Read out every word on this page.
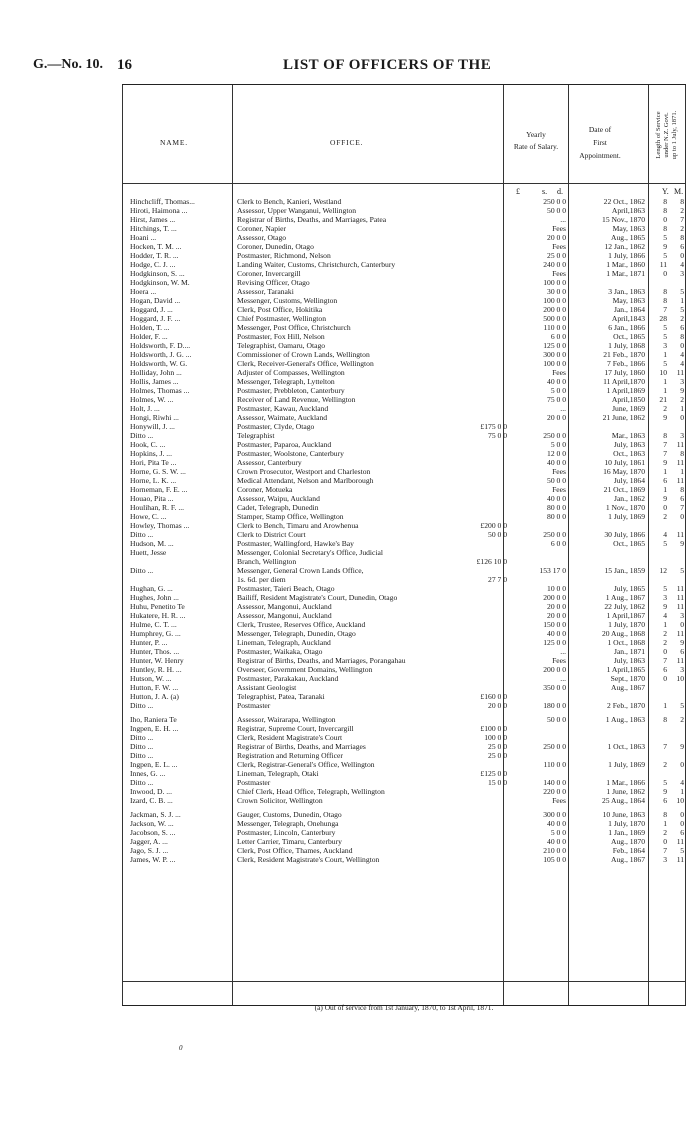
G.—No. 10. 16	LIST OF OFFICERS OF THE
NAME.	OFFICE.
Yearly
Rate of Salary.
Date of
First
Appointment.	Length of Service under N.Z. Govt. up to 1 July, 1871.
£	s. d.	Y. M.
Hinchcliff, Thomas...	Clerk to Bench, Kanieri, Westland	250 0 0	22 Oct., 1862	8	8
Hiroti, Haimona ...	Assessor, Upper Wanganui, Wellington	50 0 0	April,1863	8	2
Hirst, James ...	Registrar of Births, Deaths, and Marriages, Patea	...	15 Nov., 1870	0	7
Hitchings, T. ...	Coroner, Napier	Fees	May, 1863	8	2
Hoani ...	Assessor, Otago	20 0 0	Aug., 1865	5	8
Hocken, T. M. ...	Coroner, Dunedin, Otago	Fees	12 Jan., 1862	9	6
Hodder, T. R. ...	Postmaster, Richmond, Nelson	25 0 0	1 July, 1866	5	0
Hodge, C. J. ...	Landing Waiter, Customs, Christchurch, Canterbury	240 0 0	1 Mar., 1860	11	4
Hodgkinson, S. ...	Coroner, Invercargill	Fees	1 Mar., 1871	0	3
Hodgkinson, W. M.	Revising Officer, Otago	100 0 0
Hoera ...	Assessor, Taranaki	30 0 0	3 Jan., 1863	8	5
Hogan, David ...	Messenger, Customs, Wellington	100 0 0	May, 1863	8	1
Hoggard, J. ...	Clerk, Post Office, Hokitika	200 0 0	Jan., 1864	7	5
Hoggard, J. F. ...	Chief Postmaster, Wellington	500 0 0	April,1843	28	2
Holden, T. ...	Messenger, Post Office, Christchurch	110 0 0	6 Jan., 1866	5	6
Holder, F. ...	Postmaster, Fox Hill, Nelson	6 0 0	Oct., 1865	5	8
Holdsworth, F. D....	Telegraphist, Oamaru, Otago	125 0 0	1 July, 1868	3	0
Holdsworth, J. G. ...	Commissioner of Crown Lands, Wellington	300 0 0	21 Feb., 1870	1	4
Holdsworth, W. G.	Clerk, Receiver-General's Office, Wellington	100 0 0	7 Feb., 1866	5	4
Holliday, John ...	Adjuster of Compasses, Wellington	Fees	17 July, 1860	10	11
Hollis, James ...	Messenger, Telegraph, Lyttelton	40 0 0	11 April,1870	1	3
Holmes, Thomas ...	Postmaster, Prebbleton, Canterbury	5 0 0	1 April,1869	1	9
Holmes, W. ...	Receiver of Land Revenue, Wellington	75 0 0	April,1850	21	2
Holt, J. ...	Postmaster, Kawau, Auckland	...	June, 1869	2	1
Hongi, Riwhi ...	Assessor, Waimate, Auckland	20 0 0	21 June, 1862	9	0
Honywill, J. ...	Postmaster, Clyde, Otago	£175 0 0
Ditto ...	Telegraphist	75 0 0	250 0 0	Mar., 1863	8	3
Hook, C. ...	Postmaster, Paparoa, Auckland	5 0 0	July, 1863	7	11
Hopkins, J. ...	Postmaster, Woolstone, Canterbury	12 0 0	Oct., 1863	7	8
Hori, Pita Te ...	Assessor, Canterbury	40 0 0	10 July, 1861	9	11
Horne, G. S. W. ...	Crown Prosecutor, Westport and Charleston	Fees	16 May, 1870	1	1
Horne, L. K. ...	Medical Attendant, Nelson and Marlborough	50 0 0	July, 1864	6	11
Horneman, F. E. ...	Coroner, Motueka	Fees	21 Oct., 1869	1	8
Houao, Pita ...	Assessor, Waipu, Auckland	40 0 0	Jan., 1862	9	6
Houlihan, R. F. ...	Cadet, Telegraph, Dunedin	80 0 0	1 Nov., 1870	0	7
Howe, C. ...	Stamper, Stamp Office, Wellington	80 0 0	1 July, 1869	2	0
Howley, Thomas ...	Clerk to Bench, Timaru and Arowhenua	£200 0 0
Ditto ...	Clerk to District Court	50 0 0	250 0 0	30 July, 1866	4	11
Hudson, M. ...	Postmaster, Wallingford, Hawke's Bay	6 0 0	Oct., 1865	5	9
Huett, Jesse	Messenger, Colonial Secretary's Office, Judicial
Branch, Wellington	£126 10 0
Ditto ...	Messenger, General Crown Lands Office,	153 17 0	15 Jan., 1859	12	5
1s. 6d. per diem	27 7 0
Hughan, G. ...	Postmaster, Taieri Beach, Otago	10 0 0	July, 1865	5	11
Hughes, John ...	Bailiff, Resident Magistrate's Court, Dunedin, Otago	200 0 0	1 Aug., 1867	3	11
Huhu, Penetito Te	Assessor, Mangonui, Auckland	20 0 0	22 July, 1862	9	11
Hukatere, H. R. ...	Assessor, Mangonui, Auckland	20 0 0	1 April,1867	4	3
Hulme, C. T. ...	Clerk, Trustee, Reserves Office, Auckland	150 0 0	1 July, 1870	1	0
Humphrey, G. ...	Messenger, Telegraph, Dunedin, Otago	40 0 0	20 Aug., 1868	2	11
Hunter, P. ...	Lineman, Telegraph, Auckland	125 0 0	1 Oct., 1868	2	9
Hunter, Thos. ...	Postmaster, Waikaka, Otago	...	Jan., 1871	0	6
Hunter, W. Henry	Registrar of Births, Deaths, and Marriages, Porangahau	Fees	July, 1863	7	11
Huntley, R. H. ...	Overseer, Government Domains, Wellington	200 0 0	1 April,1865	6	3
Hutson, W. ...	Postmaster, Parakakau, Auckland	...	Sept., 1870	0	10
Hutton, F. W. ...	Assistant Geologist	350 0 0	Aug., 1867
Hutton, J. A. (a)	Telegraphist, Patea, Taranaki	£160 0 0
Ditto ...	Postmaster	20 0 0	180 0 0	2 Feb., 1870	1	5
Iho, Raniera Te	Assessor, Wairarapa, Wellington	50 0 0	1 Aug., 1863	8	2
Ingpen, E. H. ...	Registrar, Supreme Court, Invercargill	£100 0 0
Ditto ...	Clerk, Resident Magistrate's Court	100 0 0
Ditto ...	Registrar of Births, Deaths, and Marriages	25 0 0	250 0 0	1 Oct., 1863	7	9
Ditto ...	Registration and Returning Officer	25 0 0
Ingpen, E. L. ...	Clerk, Registrar-General's Office, Wellington	110 0 0	1 July, 1869	2	0
Innes, G. ...	Lineman, Telegraph, Otaki	£125 0 0
Ditto ...	Postmaster	15 0 0	140 0 0	1 Mar., 1866	5	4
Inwood, D. ...	Chief Clerk, Head Office, Telegraph, Wellington	220 0 0	1 June, 1862	9	1
Izard, C. B. ...	Crown Solicitor, Wellington	Fees	25 Aug., 1864	6	10
Jackman, S. J. ...	Gauger, Customs, Dunedin, Otago	300 0 0	10 June, 1863	8	0
Jackson, W. ...	Messenger, Telegraph, Onehunga	40 0 0	1 July, 1870	1	0
Jacobson, S. ...	Postmaster, Lincoln, Canterbury	5 0 0	1 Jan., 1869	2	6
Jagger, A. ...	Letter Carrier, Timaru, Canterbury	40 0 0	Aug., 1870	0	11
Jago, S. J. ...	Clerk, Post Office, Thames, Auckland	210 0 0	Feb., 1864	7	5
James, W. P. ...	Clerk, Resident Magistrate's Court, Wellington	105 0 0	Aug., 1867	3	11
(a) Out of service from 1st January, 1870, to 1st April, 1871.
0
